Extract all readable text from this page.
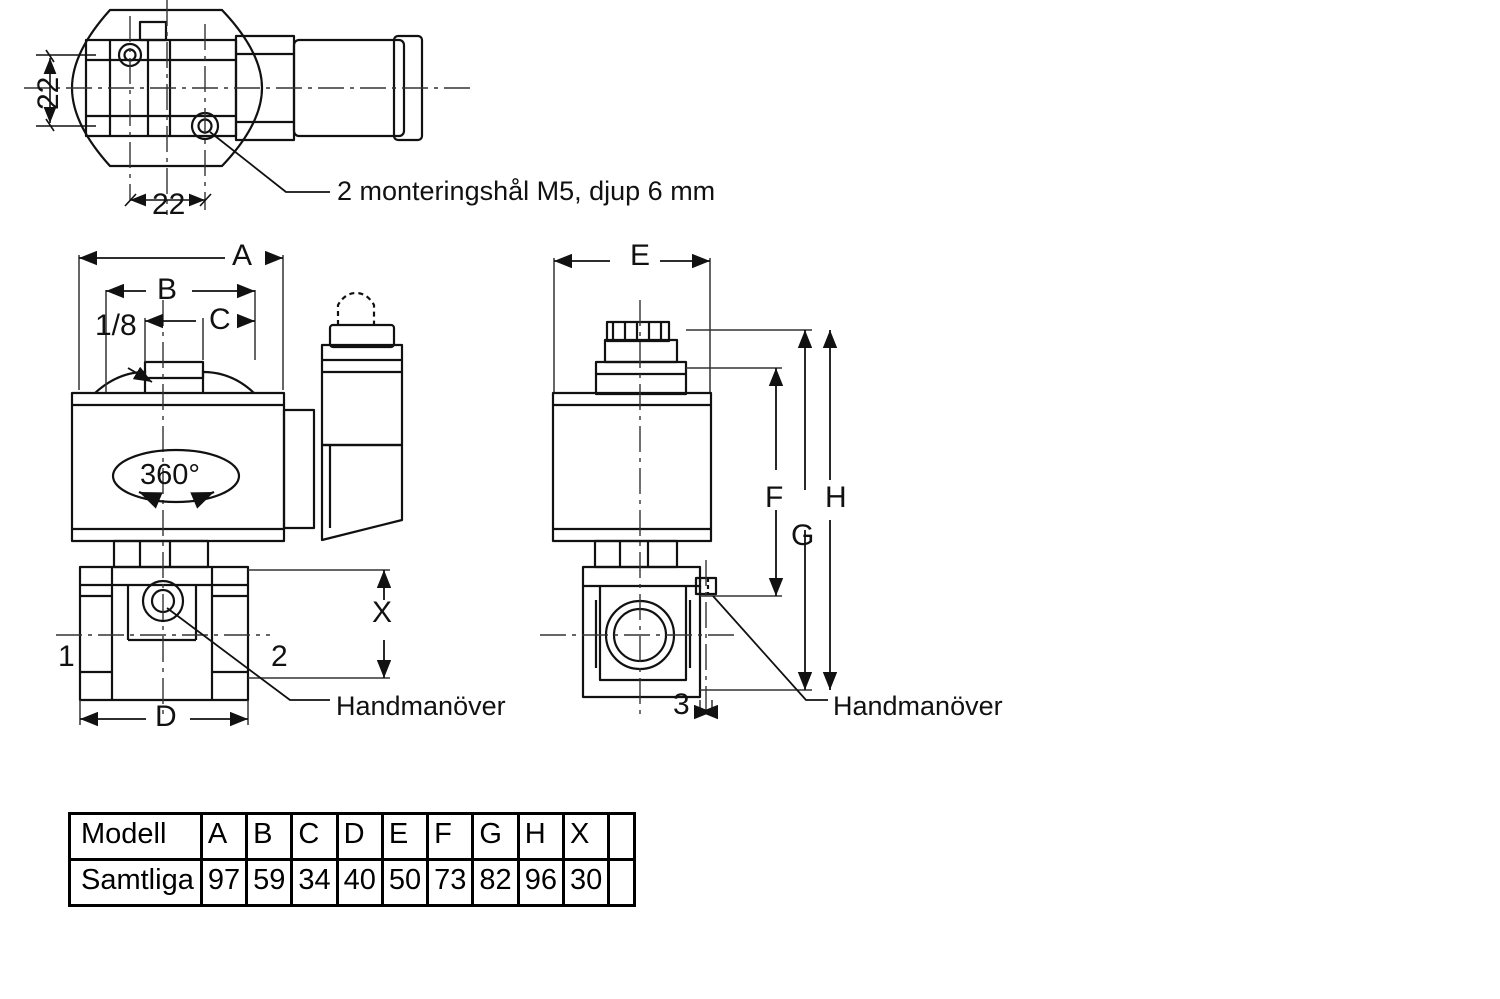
22
22	2 monteringshål M5, djup 6 mm
A
B
C
1/8
360°
X
1	2
D	Handmanöver
E
F
G
H
3	Handmanöver
Modell	A	B	C	D	E	F	G	H	X	
Samtliga	97	59	34	40	50	73	82	96	30	
